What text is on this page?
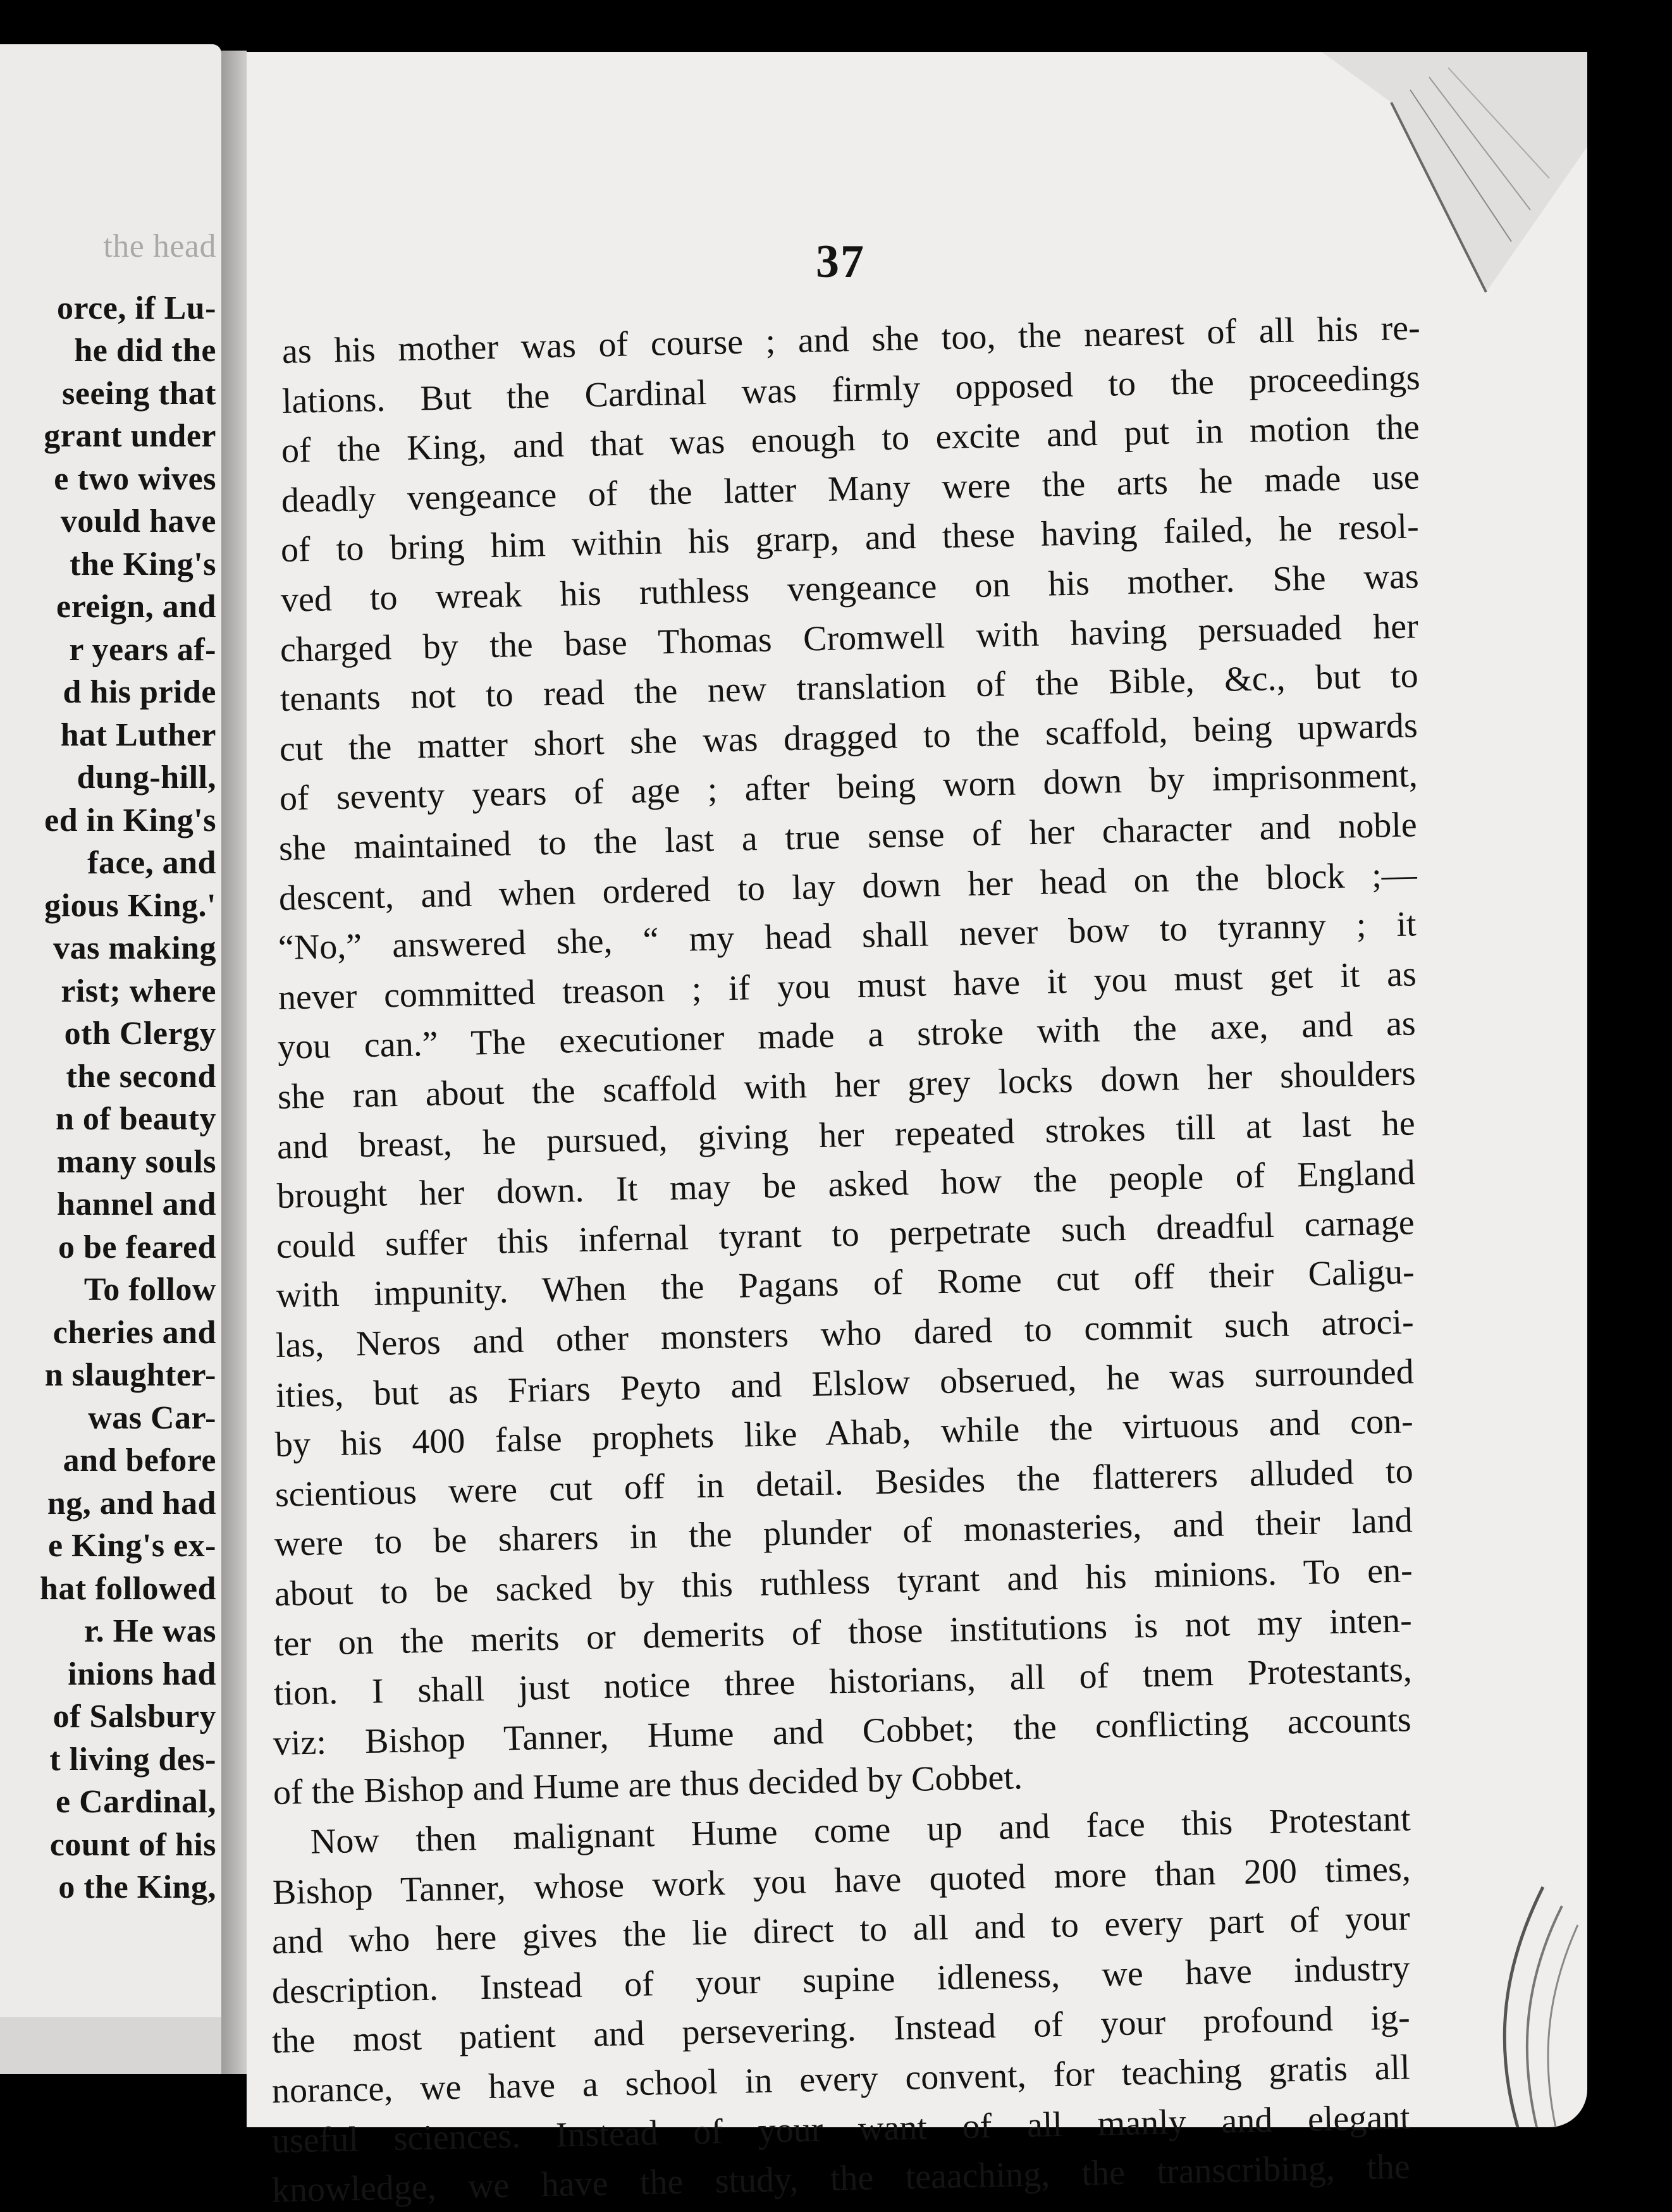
the head
orce, if Lu-
he did the
seeing that
grant under
e two wives
vould have
the King's
ereign, and
r years af-
d his pride
hat Luther
dung-hill,
ed in King's
face, and
gious King.'
vas making
rist; where
oth Clergy
the second
n of beauty
many souls
hannel and
o be feared
To follow
cheries and
n slaughter-
was Car-
and before
ng, and had
e King's ex-
hat followed
r. He was
inions had
of Salsbury
t living des-
e Cardinal,
count of his
o the King,
37
as his mother was of course ; and she too, the nearest of all his re-
lations. But the Cardinal was firmly opposed to the proceedings
of the King, and that was enough to excite and put in motion the
deadly vengeance of the latter Many were the arts he made use
of to bring him within his grarp, and these having failed, he resol-
ved to wreak his ruthless vengeance on his mother. She was
charged by the base Thomas Cromwell with having persuaded her
tenants not to read the new translation of the Bible, &c., but to
cut the matter short she was dragged to the scaffold, being upwards
of seventy years of age ; after being worn down by imprisonment,
she maintained to the last a true sense of her character and noble
descent, and when ordered to lay down her head on the block ;—
“No,” answered she, “ my head shall never bow to tyranny ; it
never committed treason ; if you must have it you must get it as
you can.” The executioner made a stroke with the axe, and as
she ran about the scaffold with her grey locks down her shoulders
and breast, he pursued, giving her repeated strokes till at last he
brought her down. It may be asked how the people of England
could suffer this infernal tyrant to perpetrate such dreadful carnage
with impunity. When the Pagans of Rome cut off their Caligu-
las, Neros and other monsters who dared to commit such atroci-
ities, but as Friars Peyto and Elslow obserued, he was surrounded
by his 400 false prophets like Ahab, while the virtuous and con-
scientious were cut off in detail. Besides the flatterers alluded to
were to be sharers in the plunder of monasteries, and their land
about to be sacked by this ruthless tyrant and his minions. To en-
ter on the merits or demerits of those institutions is not my inten-
tion. I shall just notice three historians, all of tnem Protestants,
viz: Bishop Tanner, Hume and Cobbet; the conflicting accounts
of the Bishop and Hume are thus decided by Cobbet.
Now then malignant Hume come up and face this Protestant
Bishop Tanner, whose work you have quoted more than 200 times,
and who here gives the lie direct to all and to every part of your
description. Instead of your supine idleness, we have industry
the most patient and persevering. Instead of your profound ig-
norance, we have a school in every convent, for teaching gratis all
useful sciences. Instead of your want of all manly and elegant
knowledge, we have the study, the teaaching, the transcribing, the
